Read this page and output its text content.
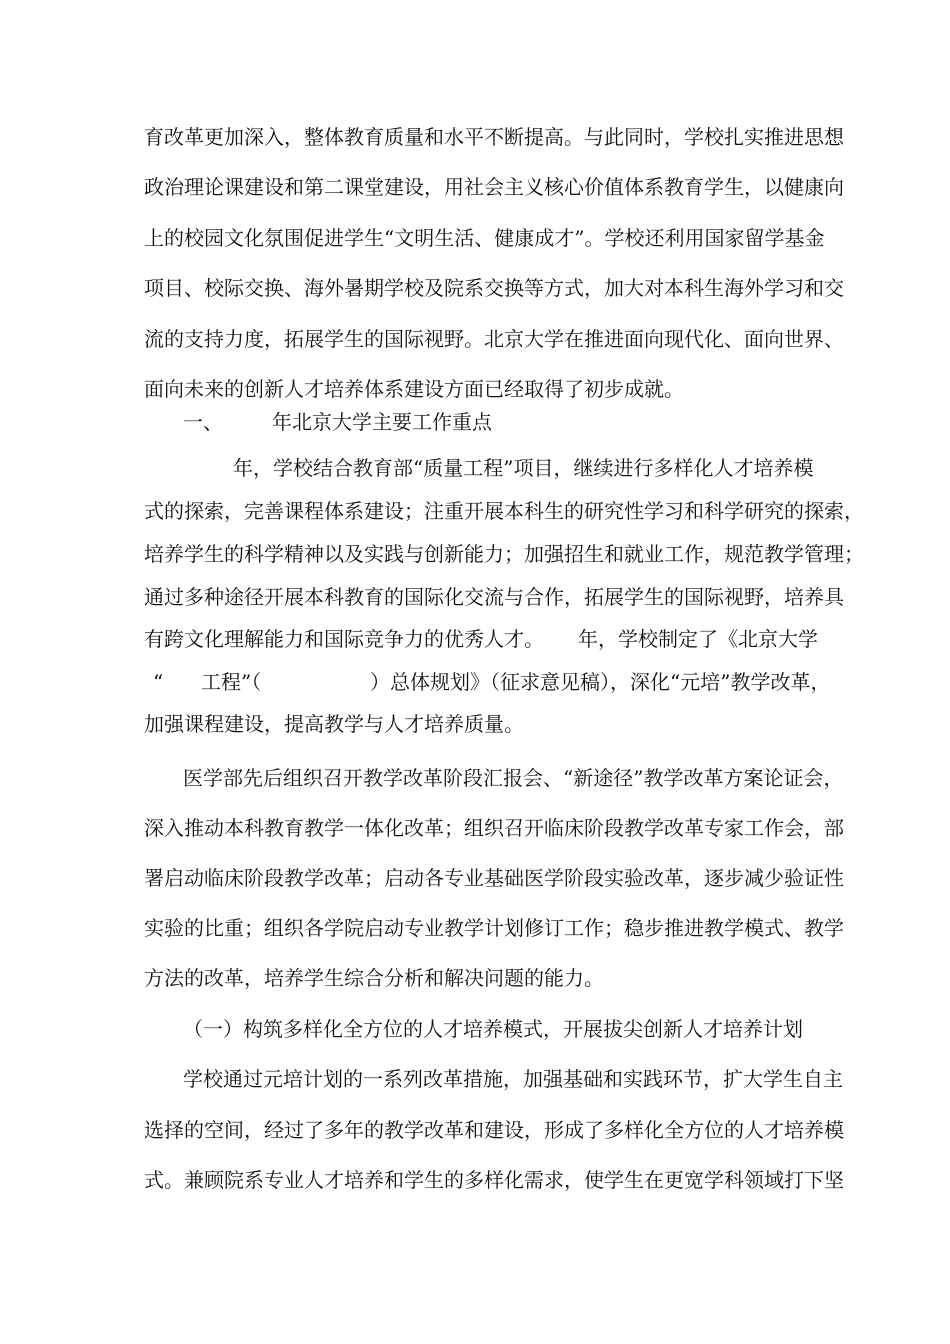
育改革更加深入，整体教育质量和水平不断提高。与此同时，学校扎实推进思想
政治理论课建设和第二课堂建设，用社会主义核心价值体系教育学生，以健康向
上的校园文化氛围促进学生“文明生活、健康成才”。学校还利用国家留学基金
项目、校际交换、海外暑期学校及院系交换等方式，加大对本科生海外学习和交
流的支持力度，拓展学生的国际视野。北京大学在推进面向现代化、面向世界、
面向未来的创新人才培养体系建设方面已经取得了初步成就。
一、 年北京大学主要工作重点
年，学校结合教育部“质量工程”项目，继续进行多样化人才培养模
式的探索，完善课程体系建设；注重开展本科生的研究性学习和科学研究的探索，
培养学生的科学精神以及实践与创新能力；加强招生和就业工作，规范教学管理；
通过多种途径开展本科教育的国际化交流与合作，拓展学生的国际视野，培养具
有跨文化理解能力和国际竞争力的优秀人才。 年，学校制定了《北京大学
“ 工程”（	）总体规划》（征求意见稿），深化“元培”教学改革，
加强课程建设，提高教学与人才培养质量。
医学部先后组织召开教学改革阶段汇报会、“新途径”教学改革方案论证会，
深入推动本科教育教学一体化改革；组织召开临床阶段教学改革专家工作会，部
署启动临床阶段教学改革；启动各专业基础医学阶段实验改革，逐步减少验证性
实验的比重；组织各学院启动专业教学计划修订工作；稳步推进教学模式、教学
方法的改革，培养学生综合分析和解决问题的能力。
（一）构筑多样化全方位的人才培养模式，开展拔尖创新人才培养计划
学校通过元培计划的一系列改革措施，加强基础和实践环节，扩大学生自主
选择的空间，经过了多年的教学改革和建设，形成了多样化全方位的人才培养模
式。兼顾院系专业人才培养和学生的多样化需求，使学生在更宽学科领域打下坚
